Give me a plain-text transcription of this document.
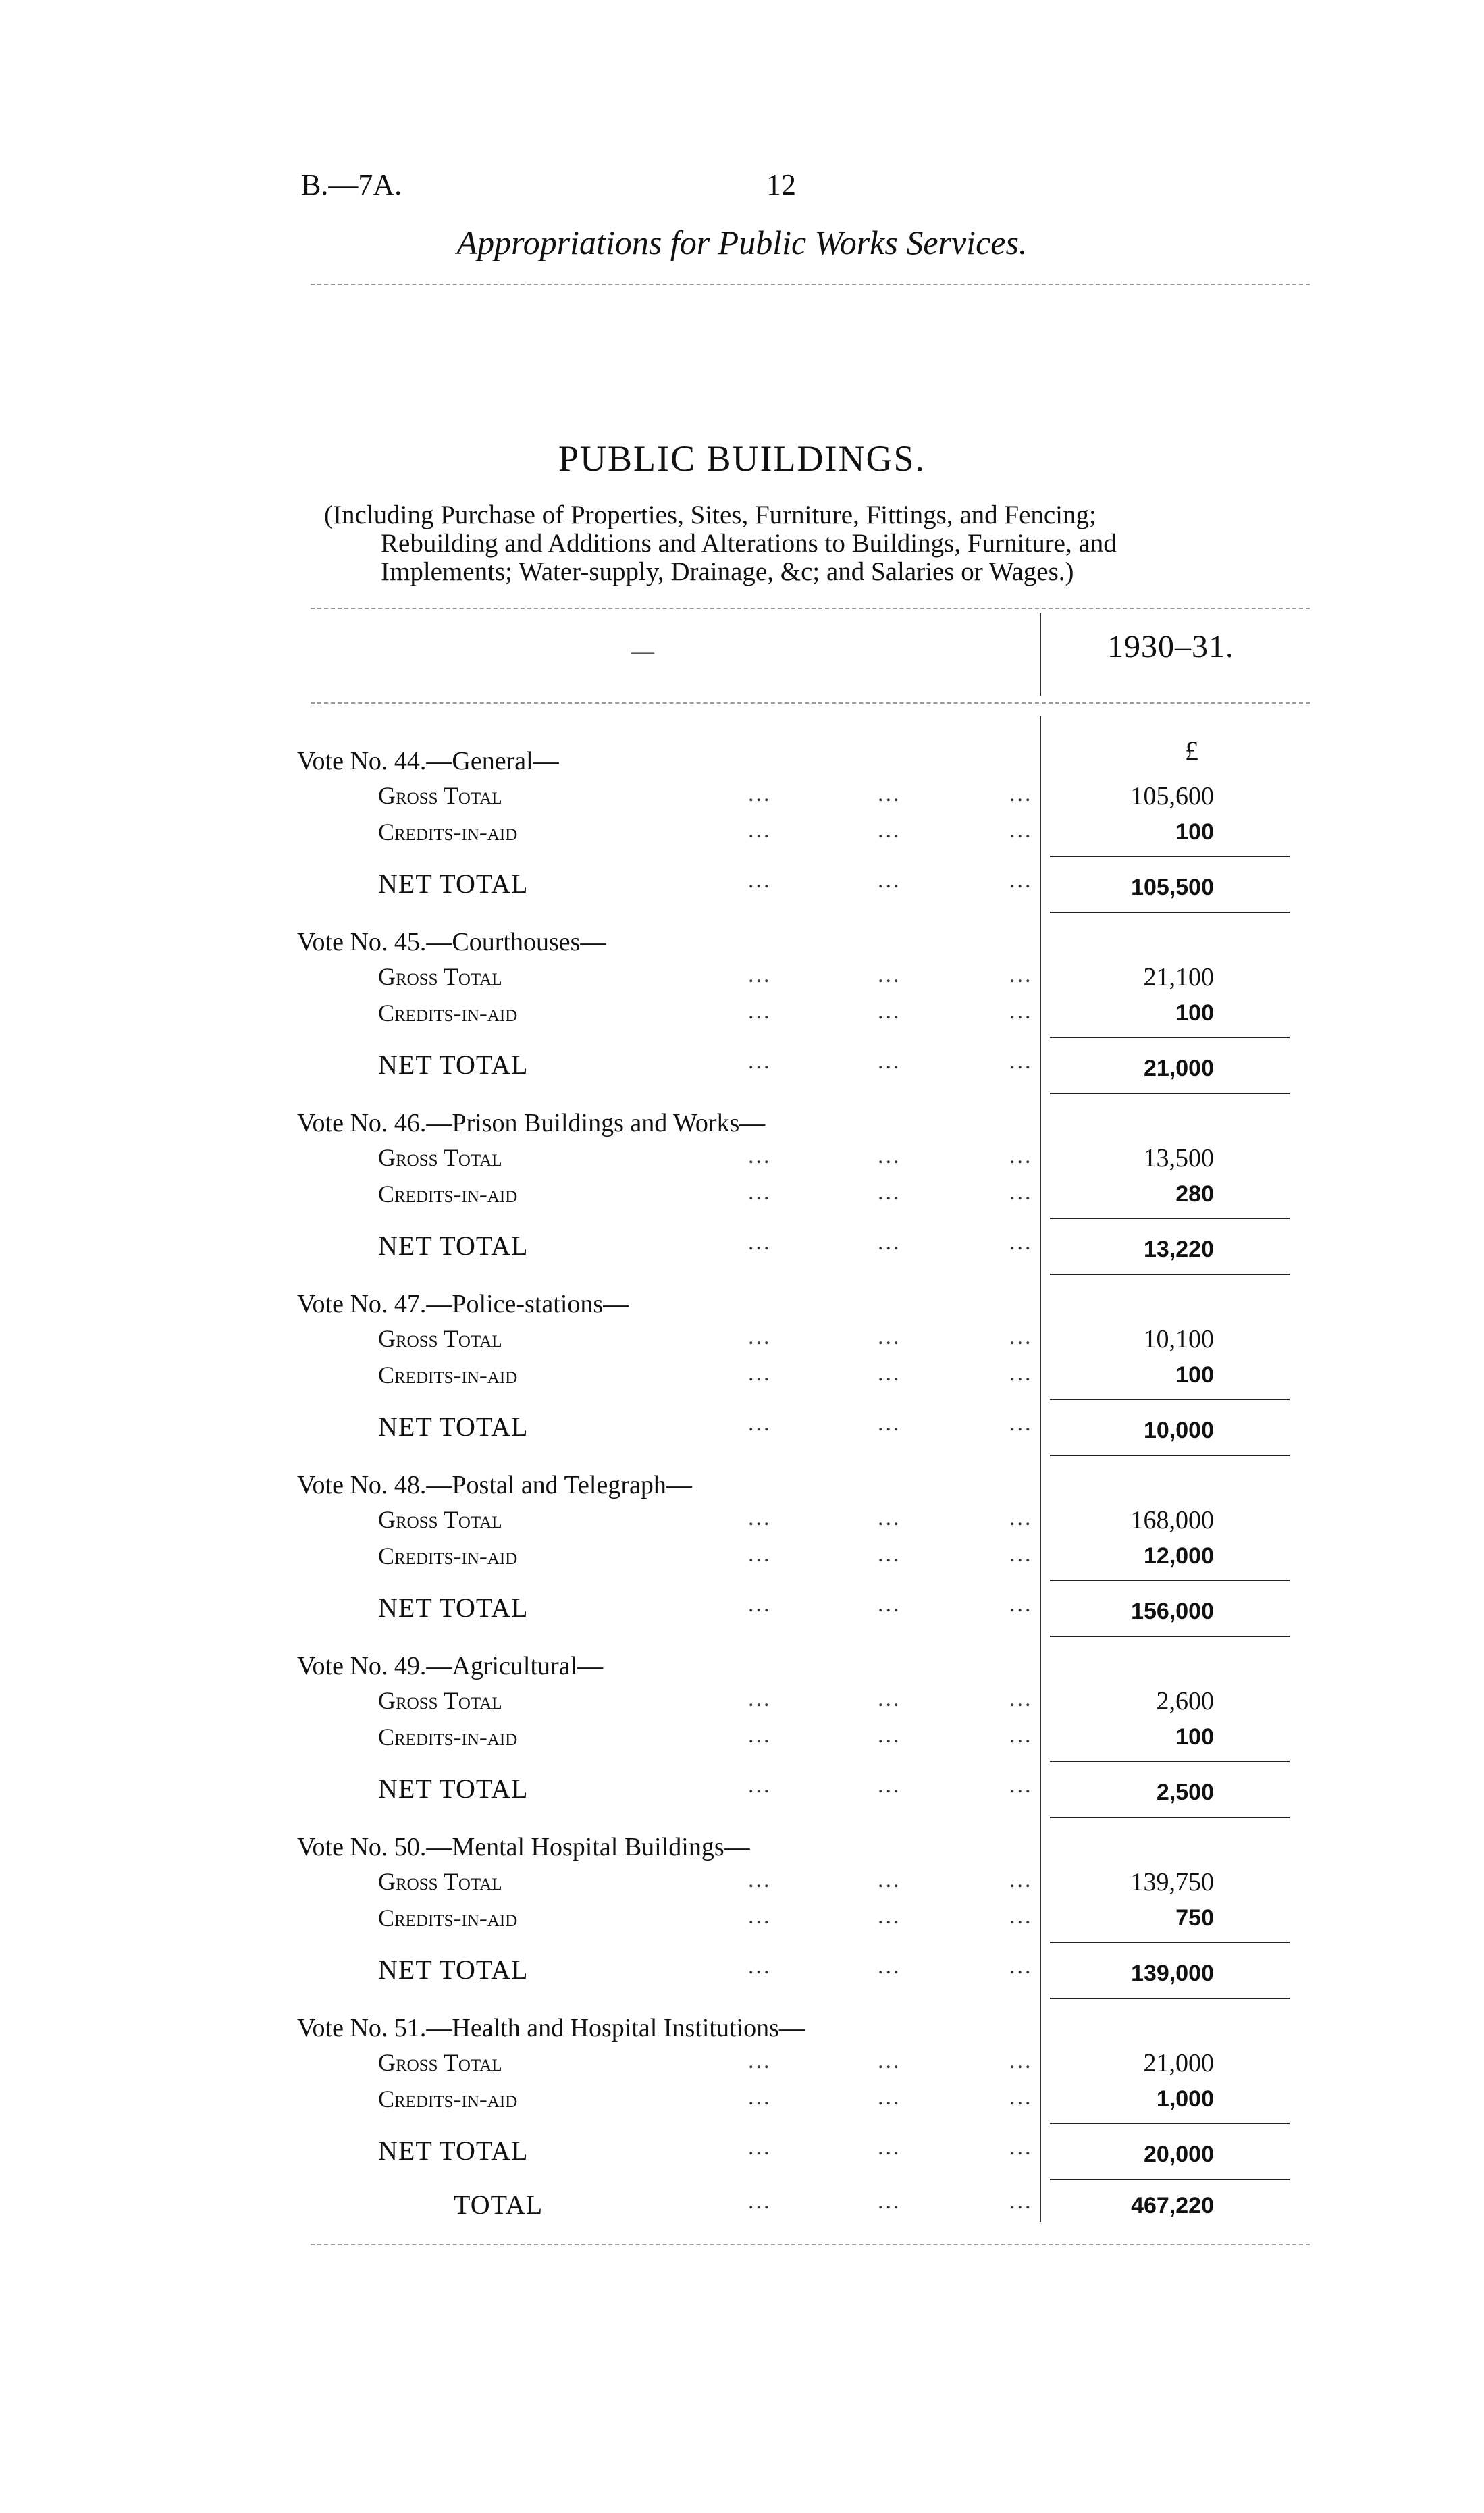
B.—7A.	12
Appropriations for Public Works Services.
PUBLIC BUILDINGS.
(Including Purchase of Properties, Sites, Furniture, Fittings, and Fencing;
Rebuilding and Additions and Alterations to Buildings, Furniture, and
Implements; Water-supply, Drainage, &c; and Salaries or Wages.)
—	1930–31.
£
Vote No. 44.—General—
Gross Total	...	...	...	105,600
Credits-in-aid	...	...	...	100
NET TOTAL	...	...	...	105,500
Vote No. 45.—Courthouses—
Gross Total	...	...	...	21,100
Credits-in-aid	...	...	...	100
NET TOTAL	...	...	...	21,000
Vote No. 46.—Prison Buildings and Works—
Gross Total	...	...	...	13,500
Credits-in-aid	...	...	...	280
NET TOTAL	...	...	...	13,220
Vote No. 47.—Police-stations—
Gross Total	...	...	...	10,100
Credits-in-aid	...	...	...	100
NET TOTAL	...	...	...	10,000
Vote No. 48.—Postal and Telegraph—
Gross Total	...	...	...	168,000
Credits-in-aid	...	...	...	12,000
NET TOTAL	...	...	...	156,000
Vote No. 49.—Agricultural—
Gross Total	...	...	...	2,600
Credits-in-aid	...	...	...	100
NET TOTAL	...	...	...	2,500
Vote No. 50.—Mental Hospital Buildings—
Gross Total	...	...	...	139,750
Credits-in-aid	...	...	...	750
NET TOTAL	...	...	...	139,000
Vote No. 51.—Health and Hospital Institutions—
Gross Total	...	...	...	21,000
Credits-in-aid	...	...	...	1,000
NET TOTAL	...	...	...	20,000
TOTAL	...	...	...	467,220
